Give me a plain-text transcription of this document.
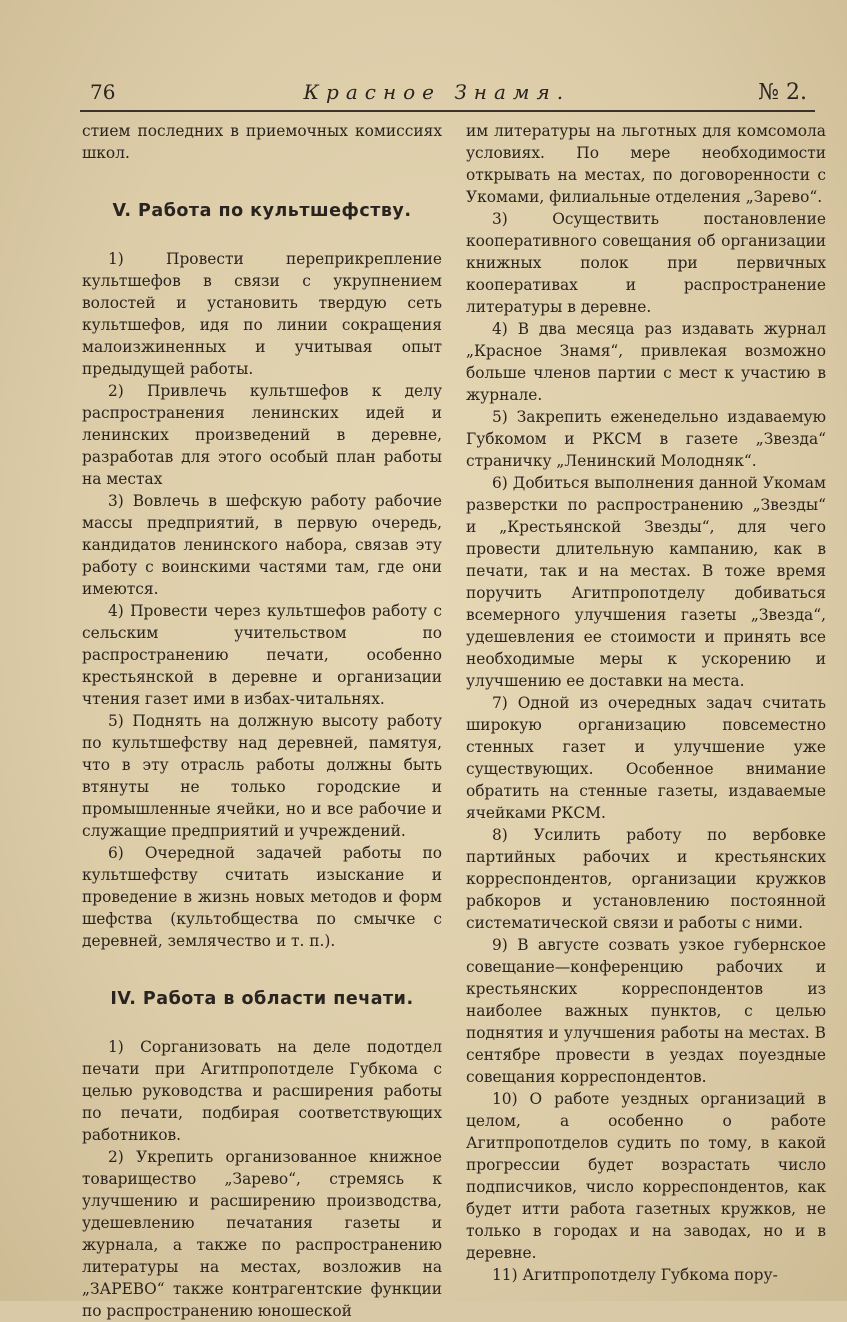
76	Красное Знамя.	№ 2.

стием последних в приемочных комиссиях школ.

V. Работа по культшефству.

1) Провести переприкрепление культшефов в связи с укрупнением волостей и установить твердую сеть культшефов, идя по линии сокращения малоизжиненных и учитывая опыт предыдущей работы.

2) Привлечь культшефов к делу распространения ленинских идей и ленинских произведений в деревне, разработав для этого особый план работы на местах

3) Вовлечь в шефскую работу рабочие массы предприятий, в первую очередь, кандидатов ленинского набора, связав эту работу с воинскими частями там, где они имеются.

4) Провести через культшефов работу с сельским учительством по распространению печати, особенно крестьянской в деревне и организации чтения газет ими в избах-читальнях.

5) Поднять на должную высоту работу по культшефству над деревней, памятуя, что в эту отрасль работы должны быть втянуты не только городские и промышленные ячейки, но и все рабочие и служащие предприятий и учреждений.

6) Очередной задачей работы по культшефству считать изыскание и проведение в жизнь новых методов и форм шефства (культобщества по смычке с деревней, землячество и т. п.).

IV. Работа в области печати.

1) Сорганизовать на деле подотдел печати при Агитпропотделе Губкома с целью руководства и расширения работы по печати, подбирая соответствующих работников.

2) Укрепить организованное книжное товарищество „Зарево“, стремясь к улучшению и расширению производства, удешевлению печатания газеты и журнала, а также по распространению литературы на местах, возложив на „ЗАРЕВО“ также контрагентские функции по распространению юношеской

им литературы на льготных для комсомола условиях. По мере необходимости открывать на местах, по договоренности с Укомами, филиальные отделения „Зарево“.

3) Осуществить постановление кооперативного совещания об организации книжных полок при первичных кооперативах и распространение литературы в деревне.

4) В два месяца раз издавать журнал „Красное Знамя“, привлекая возможно больше членов партии с мест к участию в журнале.

5) Закрепить еженедельно издаваемую Губкомом и РКСМ в газете „Звезда“ страничку „Ленинский Молодняк“.

6) Добиться выполнения данной Укомам разверстки по распространению „Звезды“ и „Крестьянской Звезды“, для чего провести длительную кампанию, как в печати, так и на местах. В тоже время поручить Агитпропотделу добиваться всемерного улучшения газеты „Звезда“, удешевления ее стоимости и принять все необходимые меры к ускорению и улучшению ее доставки на места.

7) Одной из очередных задач считать широкую организацию повсеместно стенных газет и улучшение уже существующих. Особенное внимание обратить на стенные газеты, издаваемые ячейками РКСМ.

8) Усилить работу по вербовке партийных рабочих и крестьянских корреспондентов, организации кружков рабкоров и установлению постоянной систематической связи и работы с ними.

9) В августе созвать узкое губернское совещание—конференцию рабочих и крестьянских корреспондентов из наиболее важных пунктов, с целью поднятия и улучшения работы на местах. В сентябре провести в уездах поуездные совещания корреспондентов.

10) О работе уездных организаций в целом, а особенно о работе Агитпропотделов судить по тому, в какой прогрессии будет возрастать число подписчиков, число корреспондентов, как будет итти работа газетных кружков, не только в городах и на заводах, но и в деревне.

11) Агитпропотделу Губкома пору-
